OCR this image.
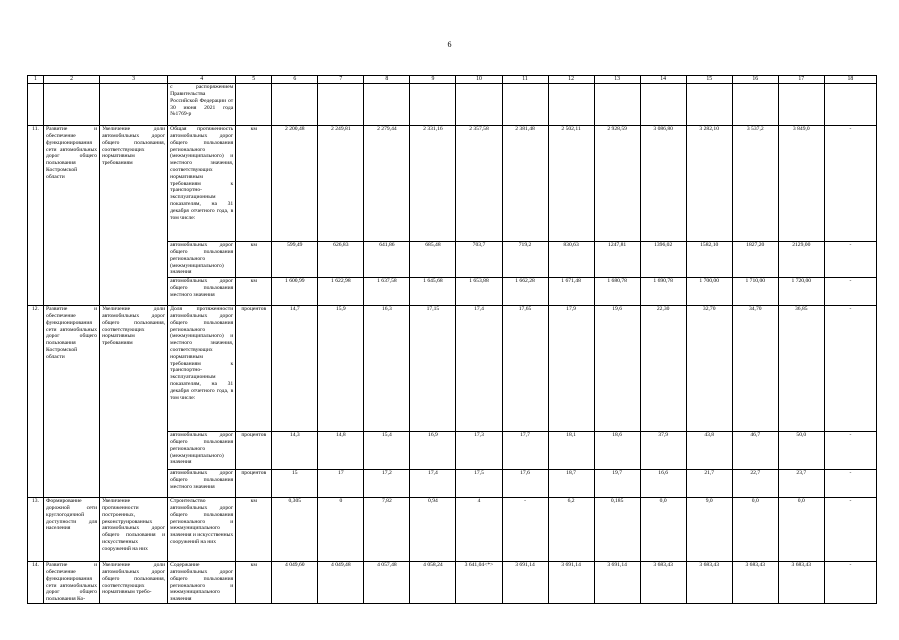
6
1	2	3	4	5	6	7	8	9	10	11	12	13	14	15	16	17	18
			с распоряжением Правительства Российской Федерации от 30 июня 2021 года №1769-р														
11.	Развитие и обеспечение функционирования сети автомобильных дорог общего пользования Костромской области	Увеличение доли автомобильных дорог общего пользования, соответствующих нормативным требованиям	Общая протяженность автомобильных дорог общего пользования регионального (межмуниципального) и местного значения, соответствующих нормативным требованиям к транспортно-эксплуатационным показателям, на 31 декабря отчетного года, в том числе:	км	2 200,48	2 249,81	2 279,44	2 331,16	2 357,58	2 381,48	2 502,11	2 928,59	3 086,80	3 282,10	3 537,2	3 849,0	-
			автомобильных дорог общего пользования регионального (межмуниципального) значения	км	599,49	626,83	641,86	685,48	703,7	719,2	830,63	1247,81	1396,02	1582,10	1827,20	2129,00	-
			автомобильных дорог общего пользования местного значения	км	1 600,99	1 622,98	1 637,58	1 645,68	1 653,88	1 662,28	1 671,48	1 680,78	1 690,78	1 700,00	1 710,00	1 720,00	-
12.	Развитие и обеспечение функционирования сети автомобильных дорог общего пользования Костромской области	Увеличение доли автомобильных дорог общего пользования, соответствующих нормативным требованиям	Доля протяженности автомобильных дорог общего пользования регионального (межмуниципального) и местного значения, соответствующих нормативным требованиям к транспортно-эксплуатационным показателям, на 31 декабря отчетного года, в том числе:	процентов	14,7	15,9	16,3	17,15	17,4	17,65	17,9	19,6	22,30	32,70	34,70	36,85	-
			автомобильных дорог общего пользования регионального (межмуниципального) значения	процентов	14,3	14,8	15,4	16,9	17,3	17,7	18,1	18,6	37,9	43,8	46,7	50,0	-
			автомобильных дорог общего пользования местного значения	процентов	15	17	17,2	17,4	17,5	17,6	18,7	19,7	16,6	21,7	22,7	23,7	-
13.	Формирование дорожной сети круглогодичной доступности для населения	Увеличение протяженности построенных, реконструированных автомобильных дорог общего пользования и искусственных сооружений на них	Строительство автомобильных дорог общего пользования регионального и межмуниципального значения и искусственных сооружений на них	км	0,305	0	7,82	0,94	4	-	6,2	0,185	0,0	9,0	0,0	0,0	-
14.	Развитие и обеспечение функционирования сети автомобильных дорог общего пользования Ко-	Увеличение доли автомобильных дорог общего пользования, соответствующих нормативным требо-	Содержание автомобильных дорог общего пользования регионального и межмуниципального значения	км	4 049,60	4 049,48	4 057,48	4 058,24	3 641,04<*>	3 691,14	3 691,14	3 691,14	3 683,43	3 683,43	3 683,43	3 683,43	-
